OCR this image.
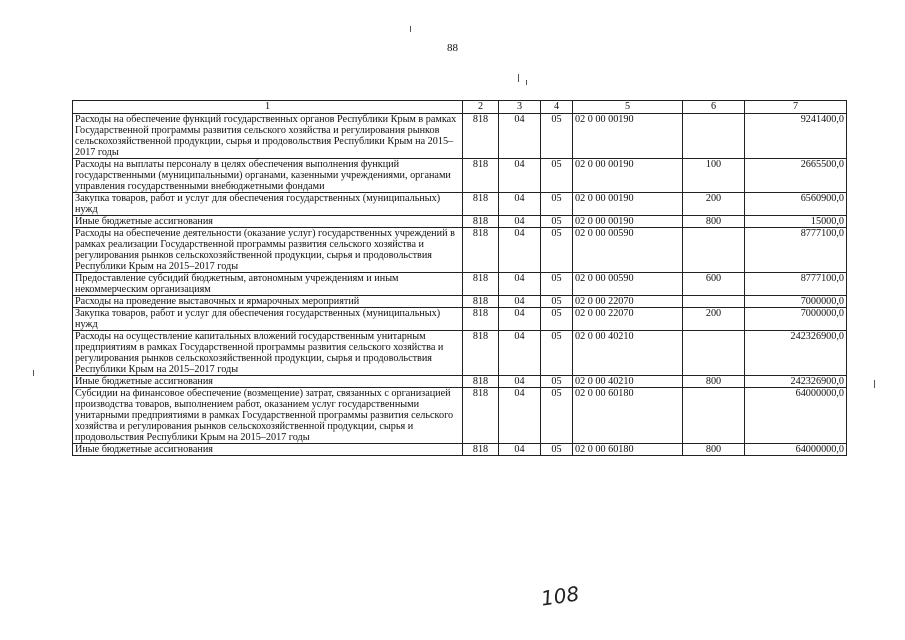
88
1	2	3	4	5	6	7
Расходы на обеспечение функций государственных органов Республики Крым в рамках Государственной программы развития сельского хозяйства и регулирования рынков сельскохозяйственной продукции, сырья и продовольствия Республики Крым на 2015–2017 годы	818	04	05	02 0 00 00190		9241400,0
Расходы на выплаты персоналу в целях обеспечения выполнения функций государственными (муниципальными) органами, казенными учреждениями, органами управления государственными внебюджетными фондами	818	04	05	02 0 00 00190	100	2665500,0
Закупка товаров, работ и услуг для обеспечения государственных (муниципальных) нужд	818	04	05	02 0 00 00190	200	6560900,0
Иные бюджетные ассигнования	818	04	05	02 0 00 00190	800	15000,0
Расходы на обеспечение деятельности (оказание услуг) государственных учреждений в рамках реализации Государственной программы развития сельского хозяйства и регулирования рынков сельскохозяйственной продукции, сырья и продовольствия Республики Крым на 2015–2017 годы	818	04	05	02 0 00 00590		8777100,0
Предоставление субсидий бюджетным, автономным учреждениям и иным некоммерческим организациям	818	04	05	02 0 00 00590	600	8777100,0
Расходы на проведение выставочных и ярмарочных мероприятий	818	04	05	02 0 00 22070		7000000,0
Закупка товаров, работ и услуг для обеспечения государственных (муниципальных) нужд	818	04	05	02 0 00 22070	200	7000000,0
Расходы на осуществление капитальных вложений государственным унитарным предприятиям в рамках Государственной программы развития сельского хозяйства и регулирования рынков сельскохозяйственной продукции, сырья и продовольствия Республики Крым на 2015–2017 годы	818	04	05	02 0 00 40210		242326900,0
Иные бюджетные ассигнования	818	04	05	02 0 00 40210	800	242326900,0
Субсидии на финансовое обеспечение (возмещение) затрат, связанных с организацией производства товаров, выполнением работ, оказанием услуг государственными унитарными предприятиями в рамках Государственной программы развития сельского хозяйства и регулирования рынков сельскохозяйственной продукции, сырья и продовольствия Республики Крым на 2015–2017 годы	818	04	05	02 0 00 60180		64000000,0
Иные бюджетные ассигнования	818	04	05	02 0 00 60180	800	64000000,0
108
